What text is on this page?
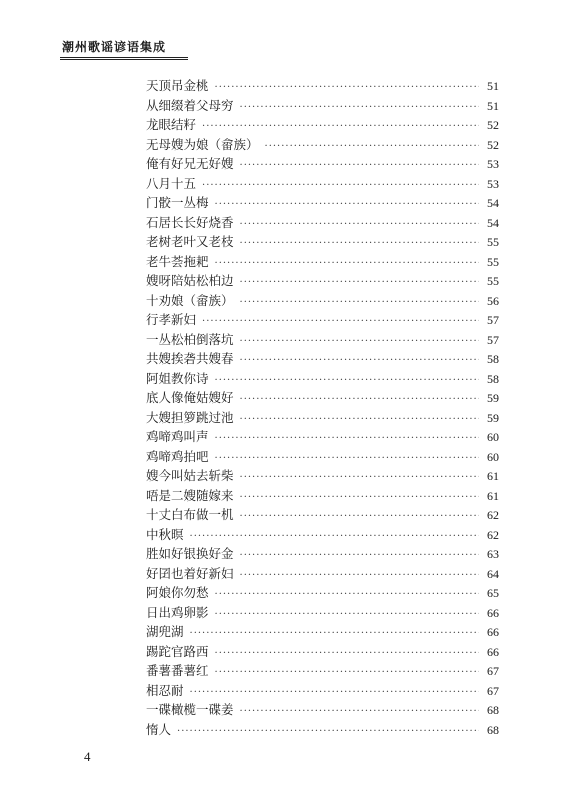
潮州歌谣谚语集成
天顶吊金桃 ·····	51
从细缀着父母穷 ·····	51
龙眼结籽 ·····	52
无母嫂为娘（畲族） ·····	52
俺有好兄无好嫂 ·····	53
八月十五 ·····	53
门骹一丛梅 ·····	54
石居长长好烧香 ·····	54
老树老叶又老枝 ·····	55
老牛荟拖耙 ·····	55
嫂呀陪姑松柏边 ·····	55
十劝娘（畲族） ·····	56
行孝新妇 ·····	57
一丛松柏倒落坑 ·····	57
共嫂挨砻共嫂春 ·····	58
阿姐教你诗 ·····	58
底人像俺姑嫂好 ·····	59
大嫂担箩跳过池 ·····	59
鸡啼鸡叫声 ·····	60
鸡啼鸡拍吧 ·····	60
嫂今叫姑去斩柴 ·····	61
唔是二嫂随嫁来 ·····	61
十丈白布做一机 ·····	62
中秋暝 ·····	62
胜如好银换好金 ·····	63
好囝也着好新妇 ·····	64
阿娘你勿愁 ·····	65
日出鸡卵影 ·····	66
湖兜湖 ·····	66
踢跎官路西 ·····	66
番薯番薯红 ·····	67
相忍耐 ·····	67
一碟橄榄一碟姜 ·····	68
惰人 ·····	68
4
